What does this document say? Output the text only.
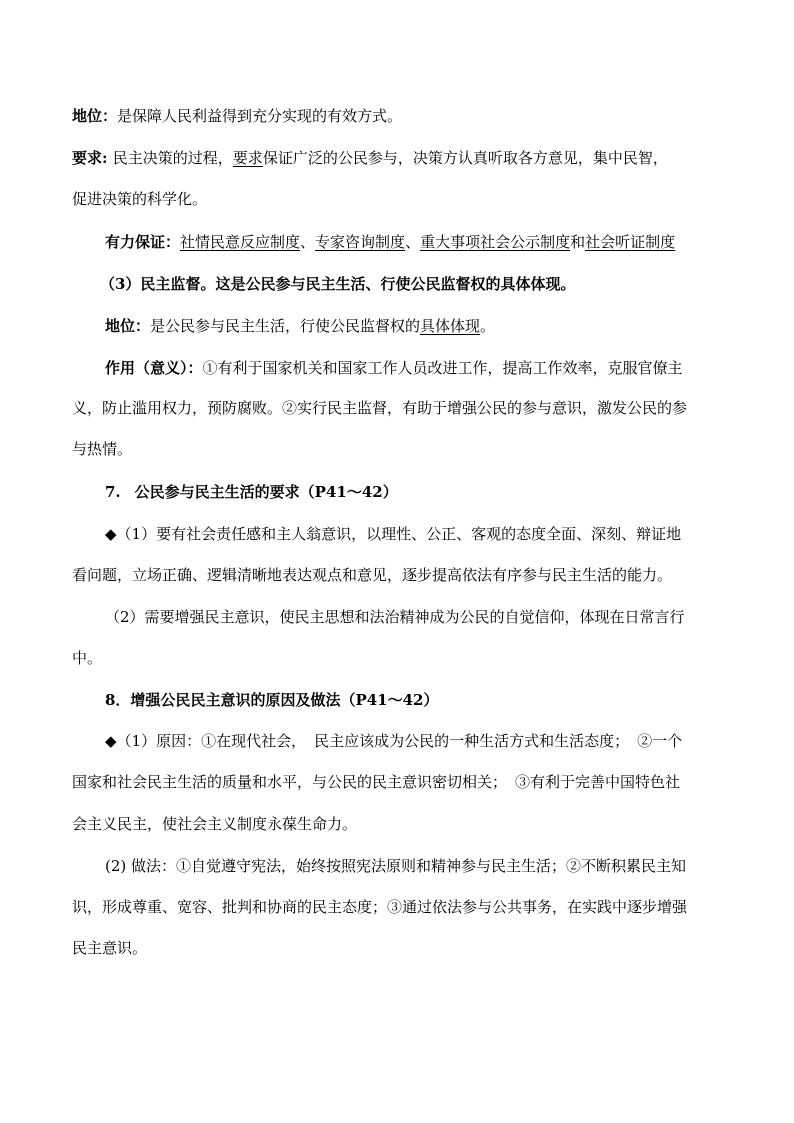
地位：是保障人民利益得到充分实现的有效方式。
要求: 民主决策的过程，要求保证广泛的公民参与，决策方认真听取各方意见，集中民智，
促进决策的科学化。
有力保证：社情民意反应制度、专家咨询制度、重大事项社会公示制度和社会听证制度
（3）民主监督。这是公民参与民主生活、行使公民监督权的具体体现。
地位：是公民参与民主生活，行使公民监督权的具体体现。
作用（意义）：①有利于国家机关和国家工作人员改进工作，提高工作效率，克服官僚主
义，防止滥用权力，预防腐败。②实行民主监督，有助于增强公民的参与意识，激发公民的参
与热情。
7. 公民参与民主生活的要求（P41～42）
◆（1）要有社会责任感和主人翁意识，以理性、公正、客观的态度全面、深刻、辩证地
看问题，立场正确、逻辑清晰地表达观点和意见，逐步提高依法有序参与民主生活的能力。
（2）需要增强民主意识，使民主思想和法治精神成为公民的自觉信仰，体现在日常言行
中。
8．增强公民民主意识的原因及做法（P41～42）
◆（1）原因：①在现代社会， 民主应该成为公民的一种生活方式和生活态度； ②一个
国家和社会民主生活的质量和水平，与公民的民主意识密切相关； ③有利于完善中国特色社
会主义民主，使社会主义制度永葆生命力。
(2) 做法：①自觉遵守宪法，始终按照宪法原则和精神参与民主生活；②不断积累民主知
识，形成尊重、宽容、批判和协商的民主态度；③通过依法参与公共事务，在实践中逐步增强
民主意识。
